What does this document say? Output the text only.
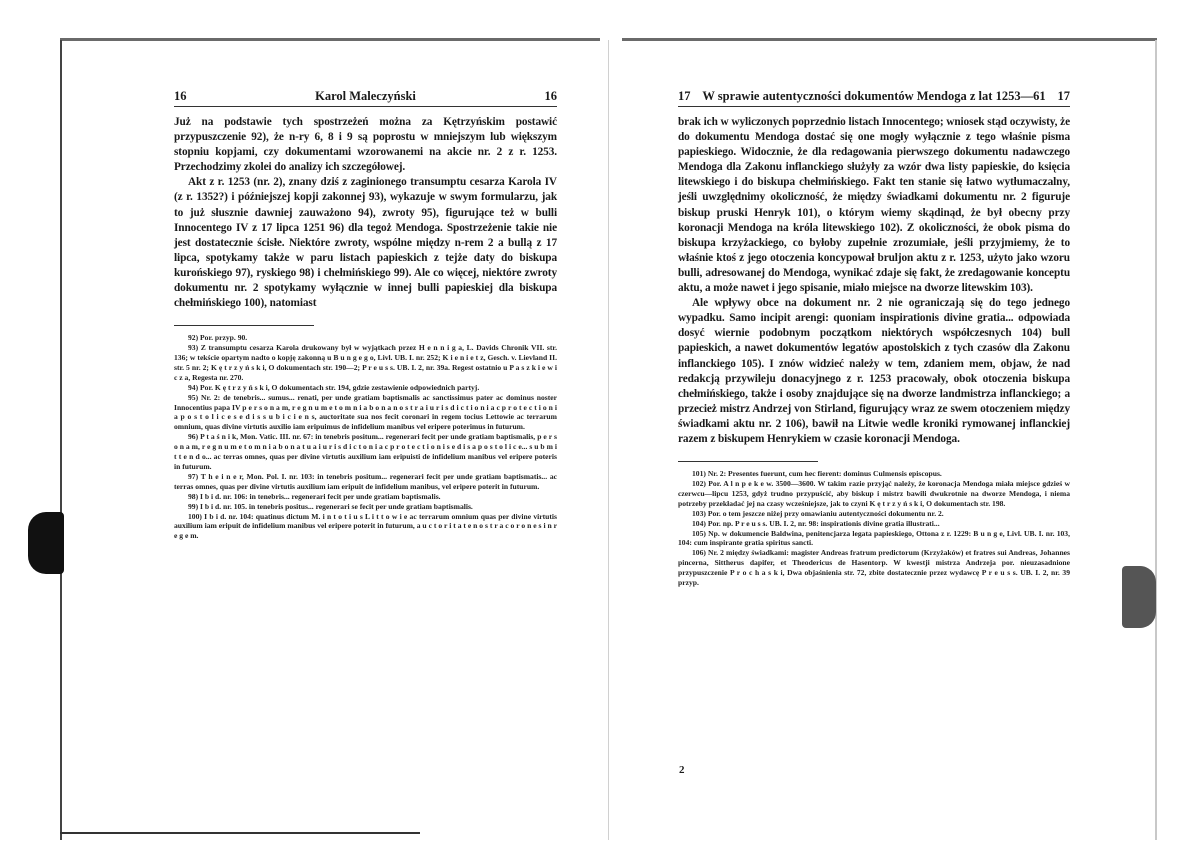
16	Karol Maleczyński	16

Już na podstawie tych spostrzeżeń można za Kętrzyńskim postawić przypuszczenie 92), że n-ry 6, 8 i 9 są poprostu w mniejszym lub większym stopniu kopjami, czy dokumentami wzorowanemi na akcie nr. 2 z r. 1253. Przechodzimy zkolei do analizy ich szczegółowej.

Akt z r. 1253 (nr. 2), znany dziś z zaginionego transumptu cesarza Karola IV (z r. 1352?) i późniejszej kopji zakonnej 93), wykazuje w swym formularzu, jak to już słusznie dawniej zauważono 94), zwroty 95), figurujące też w bulli Innocentego IV z 17 lipca 1251 96) dla tegoż Mendoga. Spostrzeżenie takie nie jest dostatecznie ścisłe. Niektóre zwroty, wspólne między n-rem 2 a bullą z 17 lipca, spotykamy także w paru listach papieskich z tejże daty do biskupa kurońskiego 97), ryskiego 98) i chełmińskiego 99). Ale co więcej, niektóre zwroty dokumentu nr. 2 spotykamy wyłącznie w innej bulli papieskiej dla biskupa chełmińskiego 100), natomiast

92) Por. przyp. 90.

93) Z transumptu cesarza Karola drukowany był w wyjątkach przez H e n n i g a, L. Davids Chronik VII. str. 136; w tekście opartym nadto o kopję zakonną u B u n g e g o, Livl. UB. I. nr. 252; K i e n i e t z, Gesch. v. Lievland II. str. 5 nr. 2; K ę t r z y ń s k i, O dokumentach str. 190—2; P r e u s s. UB. I. 2, nr. 39a. Regest ostatnio u P a s z k i e w i c z a, Regesta nr. 270.

94) Por. K ę t r z y ń s k i, O dokumentach str. 194, gdzie zestawienie odpowiednich partyj.

95) Nr. 2: de tenebris... sumus... renati, per unde gratiam baptismalis ac sanctissimus pater ac dominus noster Innocentius papa IV p e r s o n a m, r e g n u m e t o m n i a b o n a n o s t r a i u r i s d i c t i o n i a c p r o t e c t i o n i a p o s t o l i c e s e d i s s u b i c i e n s, auctoritate sua nos fecit coronari in regem tocius Lettowie ac terrarum omnium, quas divine virtutis auxilio iam eripuimus de infidelium manibus vel eripere poterimus in futurum.

96) P t a ś n i k, Mon. Vatic. III. nr. 67: in tenebris positum... regenerari fecit per unde gratiam baptismalis, p e r s o n a m, r e g n u m e t o m n i a b o n a t u a i u r i s d i c t o n i a c p r o t e c t i o n i s e d i s a p o s t o l i c e... s u b m i t t e n d o... ac terras omnes, quas per divine virtutis auxilium iam eripuisti de infidelium manibus vel eripere poteris in futurum.

97) T h e i n e r, Mon. Pol. I. nr. 103: in tenebris positum... regenerari fecit per unde gratiam baptismatis... ac terras omnes, quas per divine virtutis auxilium iam eripuit de infidelium manibus, vel eripere poterit in futurum.

98) I b i d. nr. 106: in tenebris... regenerari fecit per unde gratiam baptismalis.

99) I b i d. nr. 105. in tenebris positus... regenerari se fecit per unde gratiam baptismalis.

100) I b i d. nr. 104: quatinus dictum M. i n t o t i u s L i t t o w i e ac terrarum omnium quas per divine virtutis auxilium iam eripuit de infidelium manibus vel eripere poterit in futurum, a u c t o r i t a t e n o s t r a c o r o n e s i n r e g e m.

17 W sprawie autentyczności dokumentów Mendoga z lat 1253—61 17

brak ich w wyliczonych poprzednio listach Innocentego; wniosek stąd oczywisty, że do dokumentu Mendoga dostać się one mogły wyłącznie z tego właśnie pisma papieskiego. Widocznie, że dla redagowania pierwszego dokumentu nadawczego Mendoga dla Zakonu inflanckiego służyły za wzór dwa listy papieskie, do księcia litewskiego i do biskupa chełmińskiego. Fakt ten stanie się łatwo wytłumaczalny, jeśli uwzględnimy okoliczność, że między świadkami dokumentu nr. 2 figuruje biskup pruski Henryk 101), o którym wiemy skądinąd, że był obecny przy koronacji Mendoga na króla litewskiego 102). Z okoliczności, że obok pisma do biskupa krzyżackiego, co byłoby zupełnie zrozumiałe, jeśli przyjmiemy, że to właśnie ktoś z jego otoczenia koncypował bruljon aktu z r. 1253, użyto jako wzoru bulli, adresowanej do Mendoga, wynikać zdaje się fakt, że zredagowanie konceptu aktu, a może nawet i jego spisanie, miało miejsce na dworze litewskim 103).

Ale wpływy obce na dokument nr. 2 nie ograniczają się do tego jednego wypadku. Samo incipit arengi: quoniam inspirationis divine gratia... odpowiada dosyć wiernie podobnym początkom niektórych współczesnych 104) bull papieskich, a nawet dokumentów legatów apostolskich z tych czasów dla Zakonu inflanckiego 105). I znów widzieć należy w tem, zdaniem mem, objaw, że nad redakcją przywileju donacyjnego z r. 1253 pracowały, obok otoczenia biskupa chełmińskiego, także i osoby znajdujące się na dworze landmistrza inflanckiego; a przecież mistrz Andrzej von Stirland, figurujący wraz ze swem otoczeniem między świadkami aktu nr. 2 106), bawił na Litwie wedle kroniki rymowanej inflanckiej razem z biskupem Henrykiem w czasie koronacji Mendoga.

101) Nr. 2: Presentes fuerunt, cum hec fierent: dominus Culmensis episcopus.

102) Por. A l n p e k e w. 3500—3600. W takim razie przyjąć należy, że koronacja Mendoga miała miejsce gdzieś w czerwcu—lipcu 1253, gdyż trudno przypuścić, aby biskup i mistrz bawili dwukrotnie na dworze Mendoga, i niema potrzeby przekładać jej na czasy wcześniejsze, jak to czyni K ę t r z y ń s k i, O dokumentach str. 198.

103) Por. o tem jeszcze niżej przy omawianiu autentyczności dokumentu nr. 2.

104) Por. np. P r e u s s. UB. I. 2, nr. 98: inspirationis divine gratia illustrati...

105) Np. w dokumencie Baldwina, penitencjarza legata papieskiego, Ottona z r. 1229: B u n g e, Livl. UB. I. nr. 103, 104: cum inspirante gratia spiritus sancti.

106) Nr. 2 między świadkami: magister Andreas fratrum predictorum (Krzyżaków) et fratres sui Andreas, Johannes pincerna, Sittherus dapifer, et Theodericus de Hasentorp. W kwestji mistrza Andrzeja por. nieuzasadnione przypuszczenie P r o c h a s k i, Dwa objaśnienia str. 72, zbite dostatecznie przez wydawcę P r e u s s. UB. I. 2, nr. 39 przyp.

2
